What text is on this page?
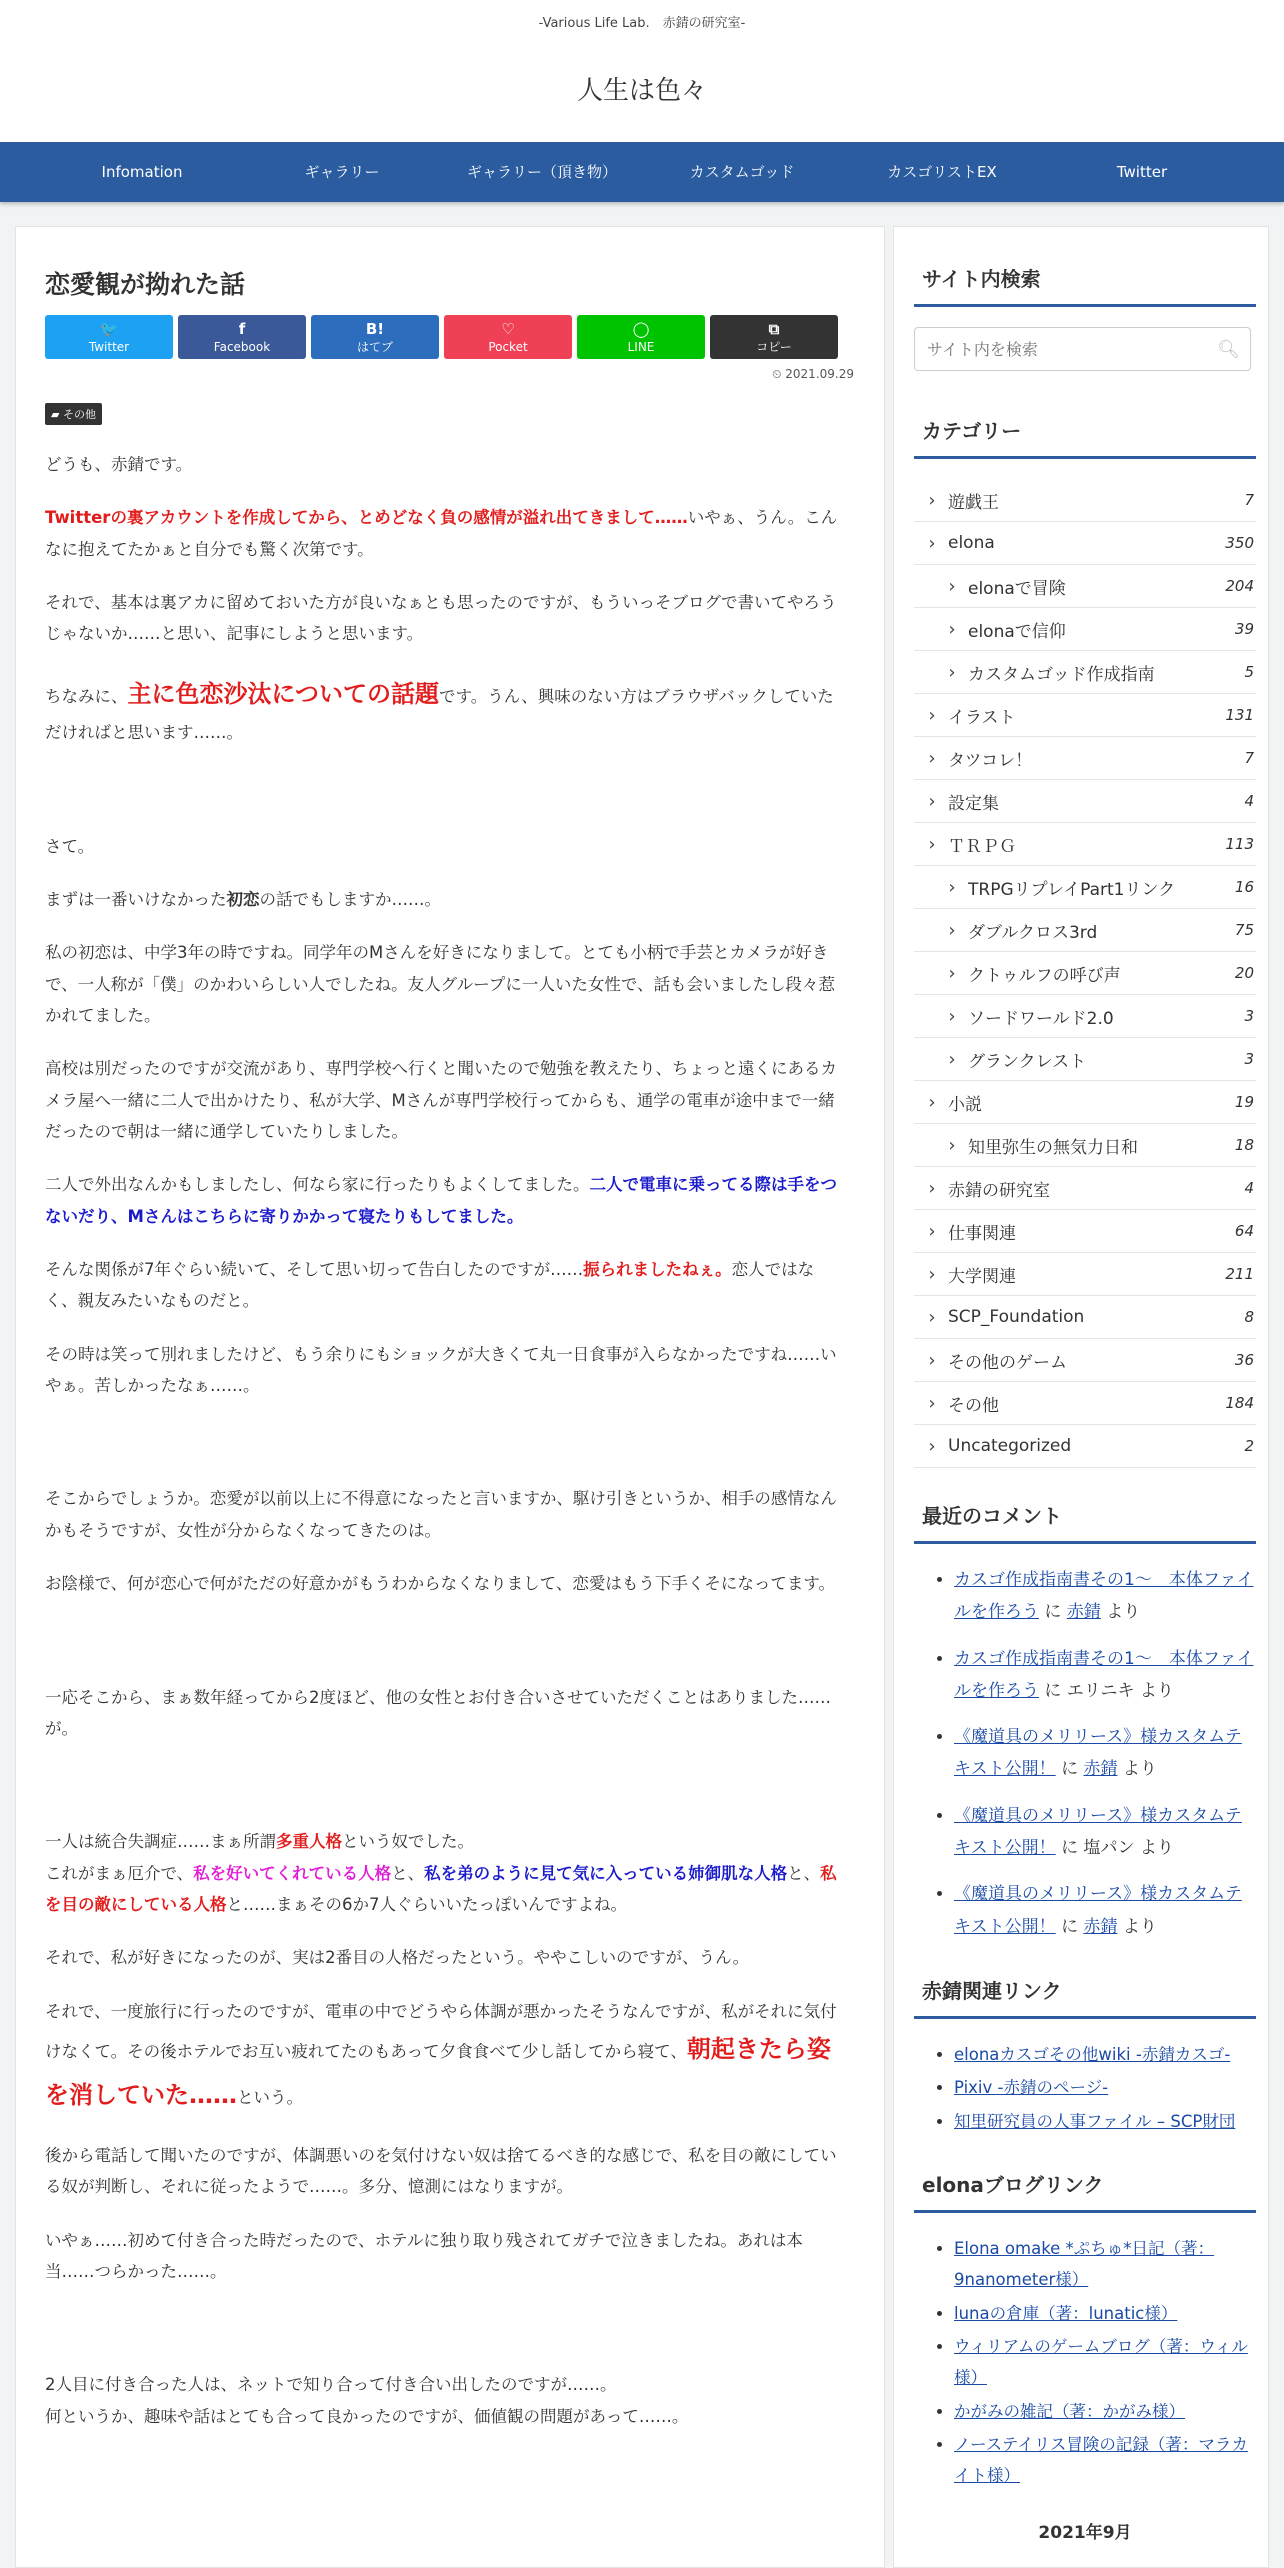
-Various Life Lab.　赤錆の研究室-
人生は色々
Infomation	ギャラリー	ギャラリー（頂き物）	カスタムゴッド	カスゴリストEX	Twitter
恋愛観が拗れた話
🐦
Twitter
f
Facebook
B!
はてブ
♡
Pocket
◯
LINE
⧉
コピー
⏲ 2021.09.29
▰ その他

どうも、赤錆です。

Twitterの裏アカウントを作成してから、とめどなく負の感情が溢れ出てきまして……いやぁ、うん。こんなに抱えてたかぁと自分でも驚く次第です。

それで、基本は裏アカに留めておいた方が良いなぁとも思ったのですが、もういっそブログで書いてやろうじゃないか……と思い、記事にしようと思います。

ちなみに、主に色恋沙汰についての話題です。うん、興味のない方はブラウザバックしていただければと思います……。

さて。

まずは一番いけなかった初恋の話でもしますか……。

私の初恋は、中学3年の時ですね。同学年のMさんを好きになりまして。とても小柄で手芸とカメラが好きで、一人称が「僕」のかわいらしい人でしたね。友人グループに一人いた女性で、話も会いましたし段々惹かれてました。

高校は別だったのですが交流があり、専門学校へ行くと聞いたので勉強を教えたり、ちょっと遠くにあるカメラ屋へ一緒に二人で出かけたり、私が大学、Mさんが専門学校行ってからも、通学の電車が途中まで一緒だったので朝は一緒に通学していたりしました。

二人で外出なんかもしましたし、何なら家に行ったりもよくしてました。二人で電車に乗ってる際は手をつないだり、Mさんはこちらに寄りかかって寝たりもしてました。

そんな関係が7年ぐらい続いて、そして思い切って告白したのですが……振られましたねぇ。恋人ではなく、親友みたいなものだと。

その時は笑って別れましたけど、もう余りにもショックが大きくて丸一日食事が入らなかったですね……いやぁ。苦しかったなぁ……。

そこからでしょうか。恋愛が以前以上に不得意になったと言いますか、駆け引きというか、相手の感情なんかもそうですが、女性が分からなくなってきたのは。

お陰様で、何が恋心で何がただの好意かがもうわからなくなりまして、恋愛はもう下手くそになってます。

一応そこから、まぁ数年経ってから2度ほど、他の女性とお付き合いさせていただくことはありました……が。

一人は統合失調症……まぁ所謂多重人格という奴でした。
これがまぁ厄介で、私を好いてくれている人格と、私を弟のように見て気に入っている姉御肌な人格と、私を目の敵にしている人格と……まぁその6か7人ぐらいいたっぽいんですよね。

それで、私が好きになったのが、実は2番目の人格だったという。ややこしいのですが、うん。

それで、一度旅行に行ったのですが、電車の中でどうやら体調が悪かったそうなんですが、私がそれに気付けなくて。その後ホテルでお互い疲れてたのもあって夕食食べて少し話してから寝て、朝起きたら姿を消していた……という。

後から電話して聞いたのですが、体調悪いのを気付けない奴は捨てるべき的な感じで、私を目の敵にしている奴が判断し、それに従ったようで……。多分、憶測にはなりますが。

いやぁ……初めて付き合った時だったので、ホテルに独り取り残されてガチで泣きましたね。あれは本当……つらかった……。

2人目に付き合った人は、ネットで知り合って付き合い出したのですが……。
何というか、趣味や話はとても合って良かったのですが、価値観の問題があって……。

サイト内検索
サイト内を検索
🔍︎
カテゴリー
› 遊戯王	7
› elona	350
› elonaで冒険	204
› elonaで信仰	39
› カスタムゴッド作成指南	5
› イラスト	131
› タツコレ！	7
› 設定集	4
› ＴＲＰＧ	113
› TRPGリプレイPart1リンク	16
› ダブルクロス3rd	75
› クトゥルフの呼び声	20
› ソードワールド2.0	3
› グランクレスト	3
› 小説	19
› 知里弥生の無気力日和	18
› 赤錆の研究室	4
› 仕事関連	64
› 大学関連	211
› SCP_Foundation	8
› その他のゲーム	36
› その他	184
› Uncategorized	2
最近のコメント
• カスゴ作成指南書その1～　本体ファイルを作ろう に 赤錆 より
• カスゴ作成指南書その1～　本体ファイルを作ろう に エリニキ より
• 《魔道具のメリリース》様カスタムテキスト公開！ に 赤錆 より
• 《魔道具のメリリース》様カスタムテキスト公開！ に 塩パン より
• 《魔道具のメリリース》様カスタムテキスト公開！ に 赤錆 より
赤錆関連リンク
• elonaカスゴその他wiki -赤錆カスゴ-
• Pixiv -赤錆のページ-
• 知里研究員の人事ファイル – SCP財団
elonaブログリンク
• Elona omake *ぷちゅ*日記（著：9nanometer様）
• lunaの倉庫（著：lunatic様）
• ウィリアムのゲームブログ（著：ウィル様）
• かがみの雑記（著：かがみ様）
• ノーステイリス冒険の記録（著：マラカイト様）
2021年9月
